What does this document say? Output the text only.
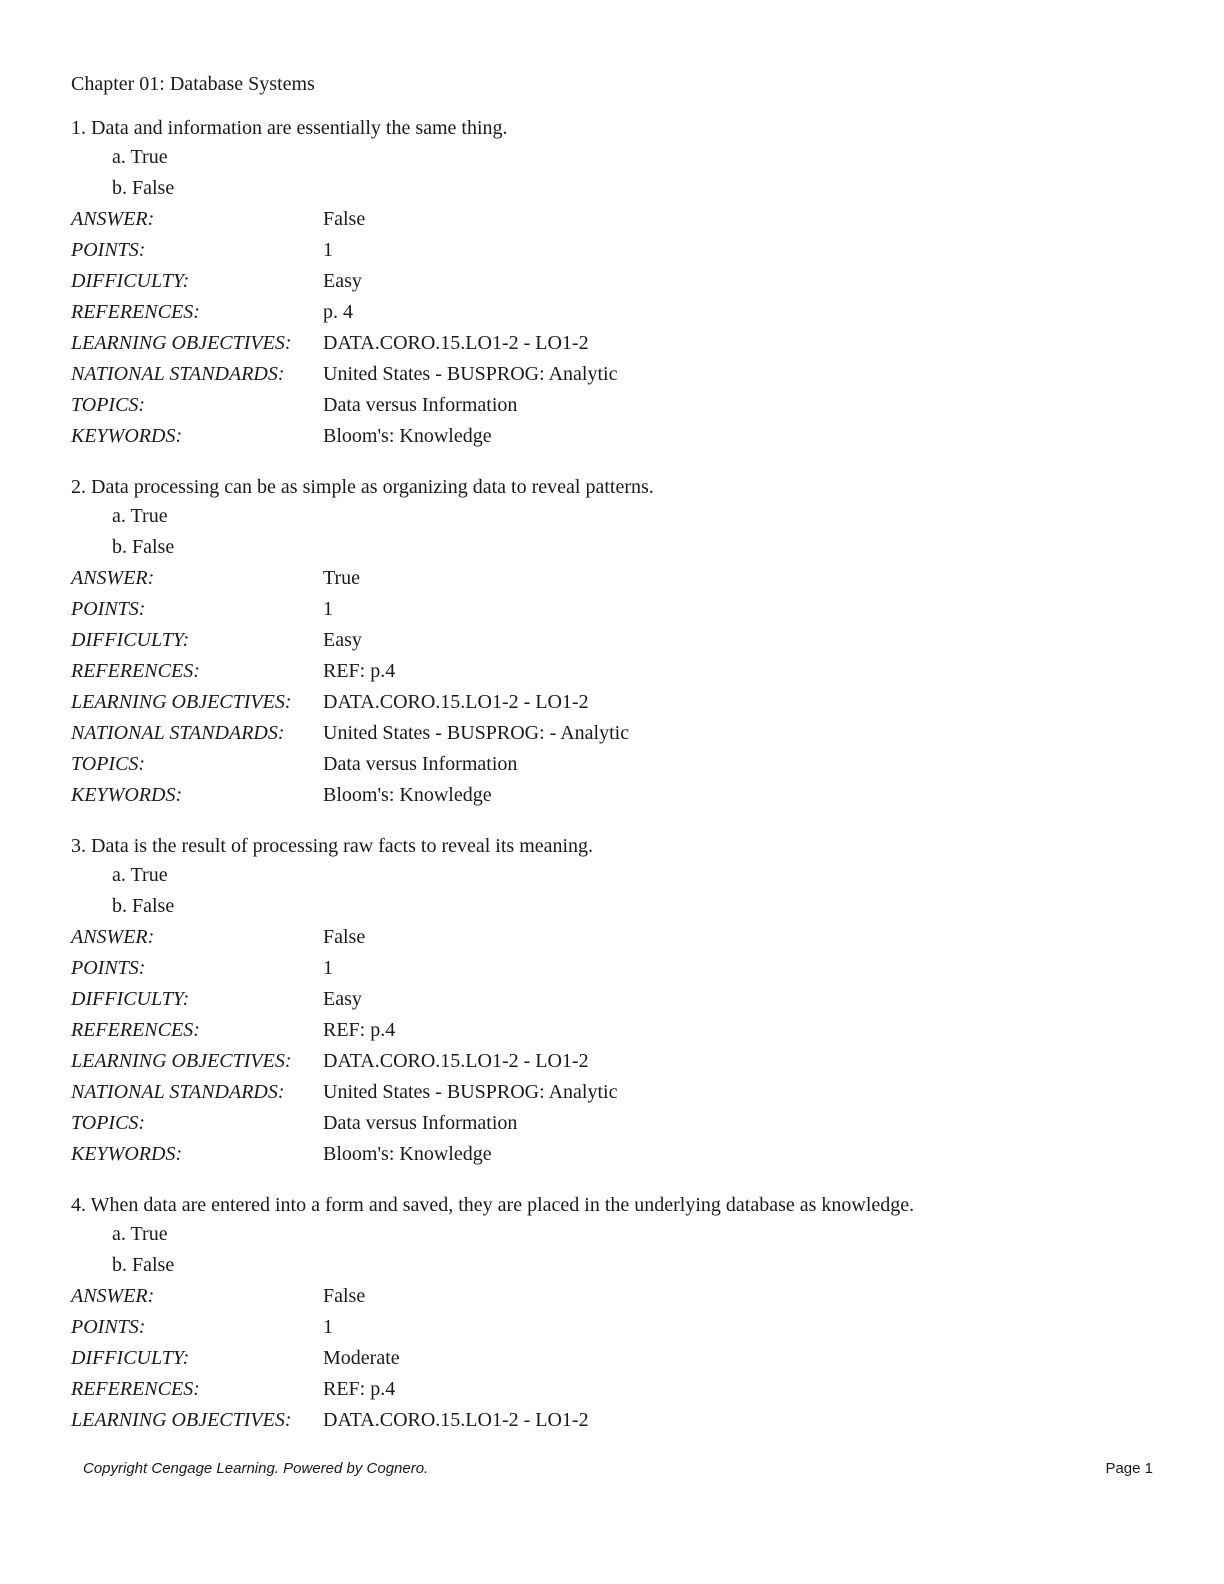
Chapter 01: Database Systems
1. Data and information are essentially the same thing.
a. True
b. False
ANSWER:	False
POINTS:	1
DIFFICULTY:	Easy
REFERENCES:	p. 4
LEARNING OBJECTIVES:	DATA.CORO.15.LO1-2 - LO1-2
NATIONAL STANDARDS:	United States - BUSPROG: Analytic
TOPICS:	Data versus Information
KEYWORDS:	Bloom's: Knowledge
2. Data processing can be as simple as organizing data to reveal patterns.
a. True
b. False
ANSWER:	True
POINTS:	1
DIFFICULTY:	Easy
REFERENCES:	REF: p.4
LEARNING OBJECTIVES:	DATA.CORO.15.LO1-2 - LO1-2
NATIONAL STANDARDS:	United States - BUSPROG: - Analytic
TOPICS:	Data versus Information
KEYWORDS:	Bloom's: Knowledge
3. Data is the result of processing raw facts to reveal its meaning.
a. True
b. False
ANSWER:	False
POINTS:	1
DIFFICULTY:	Easy
REFERENCES:	REF: p.4
LEARNING OBJECTIVES:	DATA.CORO.15.LO1-2 - LO1-2
NATIONAL STANDARDS:	United States - BUSPROG: Analytic
TOPICS:	Data versus Information
KEYWORDS:	Bloom's: Knowledge
4. When data are entered into a form and saved, they are placed in the underlying database as knowledge.
a. True
b. False
ANSWER:	False
POINTS:	1
DIFFICULTY:	Moderate
REFERENCES:	REF: p.4
LEARNING OBJECTIVES:	DATA.CORO.15.LO1-2 - LO1-2
Copyright Cengage Learning. Powered by Cognero.	Page 1
